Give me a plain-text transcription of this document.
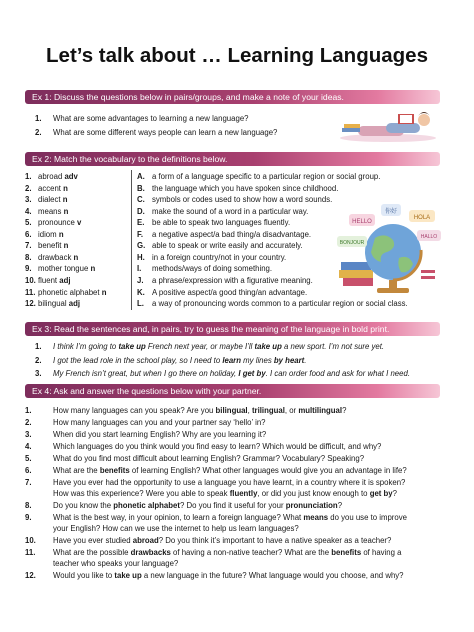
Let’s talk about … Learning Languages
Ex 1: Discuss the questions below in pairs/groups, and make a note of your ideas.
1. What are some advantages to learning a new language?
2. What are some different ways people can learn a new language?
Ex 2: Match the vocabulary to the definitions below.
1. abroad adv	A. a form of a language specific to a particular region or social group.
2. accent n	B. the language which you have spoken since childhood.
3. dialect n	C. symbols or codes used to show how a word sounds.
4. means n	D. make the sound of a word in a particular way.
5. pronounce v	E. be able to speak two languages fluently.
6. idiom n	F. a negative aspect/a bad thing/a disadvantage.
7. benefit n	G. able to speak or write easily and accurately.
8. drawback n	H. in a foreign country/not in your country.
9. mother tongue n	I. methods/ways of doing something.
10. fluent adj	J. a phrase/expression with a figurative meaning.
11. phonetic alphabet n	K. A positive aspect/a good thing/an advantage.
12. bilingual adj	L. a way of pronouncing words common to a particular region or social class.
HELLO
你好
HOLA
BONJOUR
HALLO
Ex 3: Read the sentences and, in pairs, try to guess the meaning of the language in bold print.
1. I think I’m going to take up French next year, or maybe I’ll take up a new sport. I’m not sure yet.
2. I got the lead role in the school play, so I need to learn my lines by heart.
3. My French isn’t great, but when I go there on holiday, I get by. I can order food and ask for what I need.
Ex 4: Ask and answer the questions below with your partner.
1.	How many languages can you speak? Are you bilingual, trilingual, or multilingual?
2.	How many languages can you and your partner say ‘hello’ in?
3.	When did you start learning English? Why are you learning it?
4.	Which languages do you think would you find easy to learn? Which would be difficult, and why?
5.	What do you find most difficult about learning English? Grammar? Vocabulary? Speaking?
6.	What are the benefits of learning English? What other languages would give you an advantage in life?
7.	Have you ever had the opportunity to use a language you have learnt, in a country where it is spoken?
How was this experience? Were you able to speak fluently, or did you just know enough to get by?
8.	Do you know the phonetic alphabet? Do you find it useful for your pronunciation?
9.	What is the best way, in your opinion, to learn a foreign language? What means do you use to improve
your English? How can we use the internet to help us learn languages?
10. Have you ever studied abroad? Do you think it’s important to have a native speaker as a teacher?
11. What are the possible drawbacks of having a non-native teacher? What are the benefits of having a
teacher who speaks your language?
12. Would you like to take up a new language in the future? What language would you choose, and why?
